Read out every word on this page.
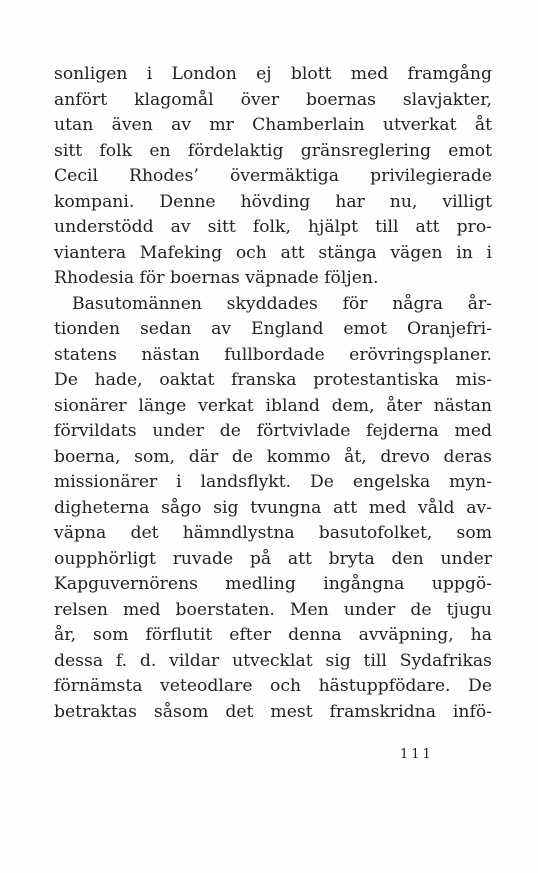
sonligen i London ej blott med framgång
anfört klagomål över boernas slavjakter,
utan även av mr Chamberlain utverkat åt
sitt folk en fördelaktig gränsreglering emot
Cecil Rhodes’ övermäktiga privilegierade
kompani. Denne hövding har nu, villigt
understödd av sitt folk, hjälpt till att pro-
viantera Mafeking och att stänga vägen in i
Rhodesia för boernas väpnade följen.
Basutomännen skyddades för några år-
tionden sedan av England emot Oranjefri-
statens nästan fullbordade erövringsplaner.
De hade, oaktat franska protestantiska mis-
sionärer länge verkat ibland dem, åter nästan
förvildats under de förtvivlade fejderna med
boerna, som, där de kommo åt, drevo deras
missionärer i landsflykt. De engelska myn-
digheterna sågo sig tvungna att med våld av-
väpna det hämndlystna basutofolket, som
oupphörligt ruvade på att bryta den under
Kapguvernörens medling ingångna uppgö-
relsen med boerstaten. Men under de tjugu
år, som förflutit efter denna avväpning, ha
dessa f. d. vildar utvecklat sig till Sydafrikas
förnämsta veteodlare och hästuppfödare. De
betraktas såsom det mest framskridna infö-
111
